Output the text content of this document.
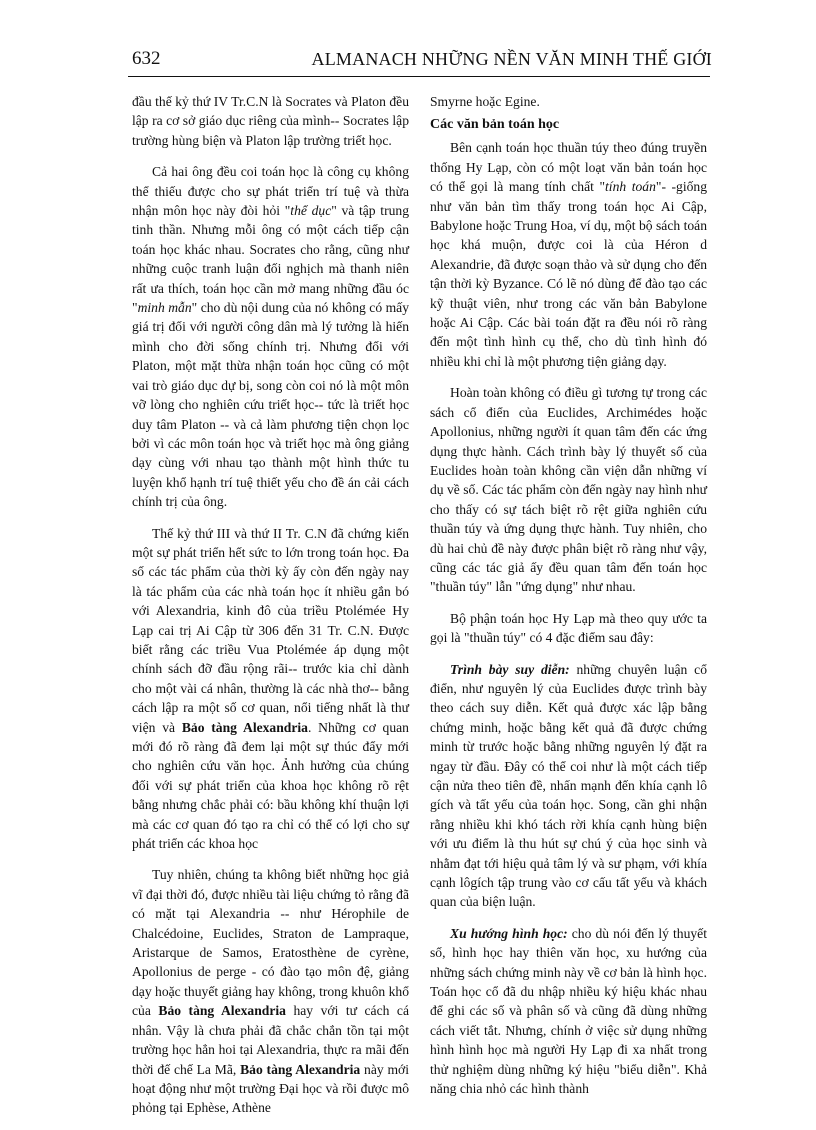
632	ALMANACH NHỮNG NỀN VĂN MINH THẾ GIỚI

đầu thế kỷ thứ IV Tr.C.N là Socrates và Platon đều lập ra cơ sở giáo dục riêng của mình-- Socrates lập trường hùng biện và Platon lập trường triết học.

Cả hai ông đều coi toán học là công cụ không thể thiếu được cho sự phát triển trí tuệ và thừa nhận môn học này đòi hỏi "thể dục" và tập trung tinh thần. Nhưng mỗi ông có một cách tiếp cận toán học khác nhau. Socrates cho rằng, cũng như những cuộc tranh luận đối nghịch mà thanh niên rất ưa thích, toán học cần mở mang những đầu óc "minh mẫn" cho dù nội dung của nó không có mấy giá trị đối với người công dân mà lý tưởng là hiến mình cho đời sống chính trị. Nhưng đối với Platon, một mặt thừa nhận toán học cũng có một vai trò giáo dục dự bị, song còn coi nó là một môn vỡ lòng cho nghiên cứu triết học-- tức là triết học duy tâm Platon -- và cả làm phương tiện chọn lọc bởi vì các môn toán học và triết học mà ông giảng dạy cùng với nhau tạo thành một hình thức tu luyện khổ hạnh trí tuệ thiết yếu cho đề án cải cách chính trị của ông.

Thế kỷ thứ III và thứ II Tr. C.N đã chứng kiến một sự phát triển hết sức to lớn trong toán học. Đa số các tác phẩm của thời kỳ ấy còn đến ngày nay là tác phẩm của các nhà toán học ít nhiều gắn bó với Alexandria, kinh đô của triều Ptolémée Hy Lạp cai trị Ai Cập từ 306 đến 31 Tr. C.N. Được biết rằng các triều Vua Ptolémée áp dụng một chính sách đỡ đầu rộng rãi-- trước kia chỉ dành cho một vài cá nhân, thường là các nhà thơ-- bằng cách lập ra một số cơ quan, nổi tiếng nhất là thư viện và Bảo tàng Alexandria. Những cơ quan mới đó rõ ràng đã đem lại một sự thúc đẩy mới cho nghiên cứu văn học. Ảnh hưởng của chúng đối với sự phát triển của khoa học không rõ rệt bằng nhưng chắc phải có: bầu không khí thuận lợi mà các cơ quan đó tạo ra chỉ có thể có lợi cho sự phát triển các khoa học

Tuy nhiên, chúng ta không biết những học giả vĩ đại thời đó, được nhiều tài liệu chứng tỏ rằng đã có mặt tại Alexandria -- như Hérophile de Chalcédoine, Euclides, Straton de Lampraque, Aristarque de Samos, Eratosthène de cyrène, Apollonius de perge - có đào tạo môn đệ, giảng dạy hoặc thuyết giảng hay không, trong khuôn khổ của Bảo tàng Alexandria hay với tư cách cá nhân. Vậy là chưa phải đã chắc chắn tồn tại một trường học hẳn hoi tại Alexandria, thực ra mãi đến thời đế chế La Mã, Bảo tàng Alexandria này mới hoạt động như một trường Đại học và rồi được mô phỏng tại Ephèse, Athène

Smyrne hoặc Egine.

Các văn bản toán học

Bên cạnh toán học thuần túy theo đúng truyền thống Hy Lạp, còn có một loạt văn bản toán học có thể gọi là mang tính chất "tính toán"- -giống như văn bản tìm thấy trong toán học Ai Cập, Babylone hoặc Trung Hoa, ví dụ, một bộ sách toán học khá muộn, được coi là của Héron d Alexandrie, đã được soạn thảo và sử dụng cho đến tận thời kỳ Byzance. Có lẽ nó dùng để đào tạo các kỹ thuật viên, như trong các văn bản Babylone hoặc Ai Cập. Các bài toán đặt ra đều nói rõ ràng đến một tình hình cụ thể, cho dù tình hình đó nhiều khi chỉ là một phương tiện giảng dạy.

Hoàn toàn không có điều gì tương tự trong các sách cổ điển của Euclides, Archimédes hoặc Apollonius, những người ít quan tâm đến các ứng dụng thực hành. Cách trình bày lý thuyết số của Euclides hoàn toàn không cần viện dẫn những ví dụ về số. Các tác phẩm còn đến ngày nay hình như cho thấy có sự tách biệt rõ rệt giữa nghiên cứu thuần túy và ứng dụng thực hành. Tuy nhiên, cho dù hai chủ đề này được phân biệt rõ ràng như vậy, cũng các tác giả ấy đều quan tâm đến toán học "thuần túy" lẫn "ứng dụng" như nhau.

Bộ phận toán học Hy Lạp mà theo quy ước ta gọi là "thuần túy" có 4 đặc điểm sau đây:

Trình bày suy diễn: những chuyên luận cổ điển, như nguyên lý của Euclides được trình bày theo cách suy diễn. Kết quả được xác lập bằng chứng minh, hoặc bằng kết quả đã được chứng minh từ trước hoặc bằng những nguyên lý đặt ra ngay từ đầu. Đây có thể coi như là một cách tiếp cận nửa theo tiên đề, nhấn mạnh đến khía cạnh lô gích và tất yếu của toán học. Song, cần ghi nhận rằng nhiều khi khó tách rời khía cạnh hùng biện với ưu điểm là thu hút sự chú ý của học sinh và nhằm đạt tới hiệu quả tâm lý và sư phạm, với khía cạnh lôgích tập trung vào cơ cấu tất yếu và khách quan của biện luận.

Xu hướng hình học: cho dù nói đến lý thuyết số, hình học hay thiên văn học, xu hướng của những sách chứng minh này về cơ bản là hình học. Toán học cổ đã du nhập nhiều ký hiệu khác nhau để ghi các số và phân số và cũng đã dùng những cách viết tắt. Nhưng, chính ở việc sử dụng những hình hình học mà người Hy Lạp đi xa nhất trong thử nghiệm dùng những ký hiệu "biểu diễn". Khả năng chia nhỏ các hình thành
